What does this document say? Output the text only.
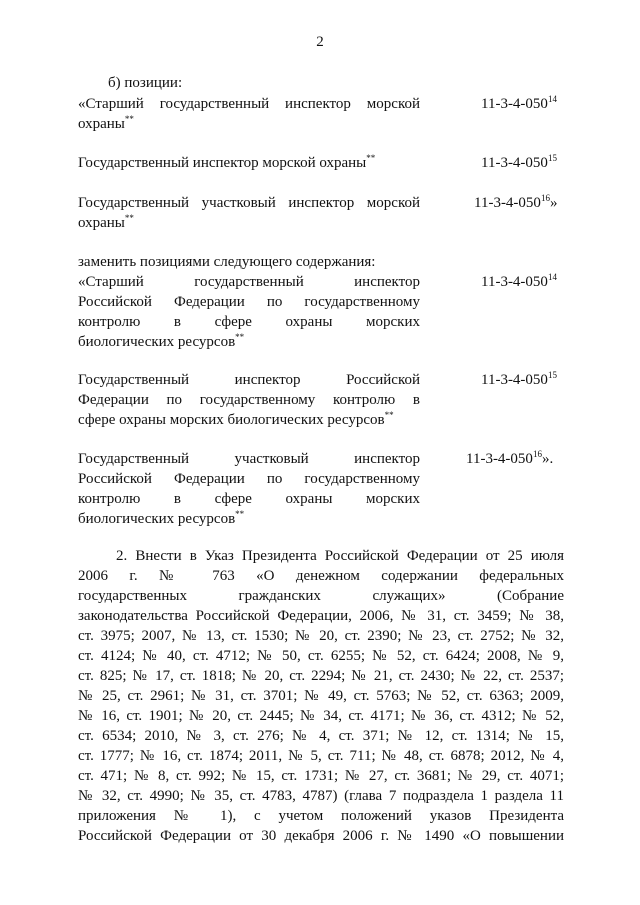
2
б) позиции:
«Старший государственный инспектор морской
охраны**
$11-3-4-050^{14}$
Государственный инспектор морской охраны**	$11-3-4-050^{15}$
Государственный участковый инспектор морской
охраны**
$11-3-4-050^{16}$»
заменить позициями следующего содержания:
«Старший государственный инспектор
Российской Федерации по государственному
контролю в сфере охраны морских
биологических ресурсов**
$11-3-4-050^{14}$
Государственный инспектор Российской
Федерации по государственному контролю в
сфере охраны морских биологических ресурсов**
$11-3-4-050^{15}$
Государственный участковый инспектор
Российской Федерации по государственному
контролю в сфере охраны морских
биологических ресурсов**
$11-3-4-050^{16}$».
2. Внести в Указ Президента Российской Федерации от 25 июля
2006 г. № 763 «О денежном содержании федеральных
государственных гражданских служащих» (Собрание
законодательства Российской Федерации, 2006, № 31, ст. 3459; № 38,
ст. 3975; 2007, № 13, ст. 1530; № 20, ст. 2390; № 23, ст. 2752; № 32,
ст. 4124; № 40, ст. 4712; № 50, ст. 6255; № 52, ст. 6424; 2008, № 9,
ст. 825; № 17, ст. 1818; № 20, ст. 2294; № 21, ст. 2430; № 22, ст. 2537;
№ 25, ст. 2961; № 31, ст. 3701; № 49, ст. 5763; № 52, ст. 6363; 2009,
№ 16, ст. 1901; № 20, ст. 2445; № 34, ст. 4171; № 36, ст. 4312; № 52,
ст. 6534; 2010, № 3, ст. 276; № 4, ст. 371; № 12, ст. 1314; № 15,
ст. 1777; № 16, ст. 1874; 2011, № 5, ст. 711; № 48, ст. 6878; 2012, № 4,
ст. 471; № 8, ст. 992; № 15, ст. 1731; № 27, ст. 3681; № 29, ст. 4071;
№ 32, ст. 4990; № 35, ст. 4783, 4787) (глава 7 подраздела 1 раздела 11
приложения № 1), с учетом положений указов Президента
Российской Федерации от 30 декабря 2006 г. № 1490 «О повышении
